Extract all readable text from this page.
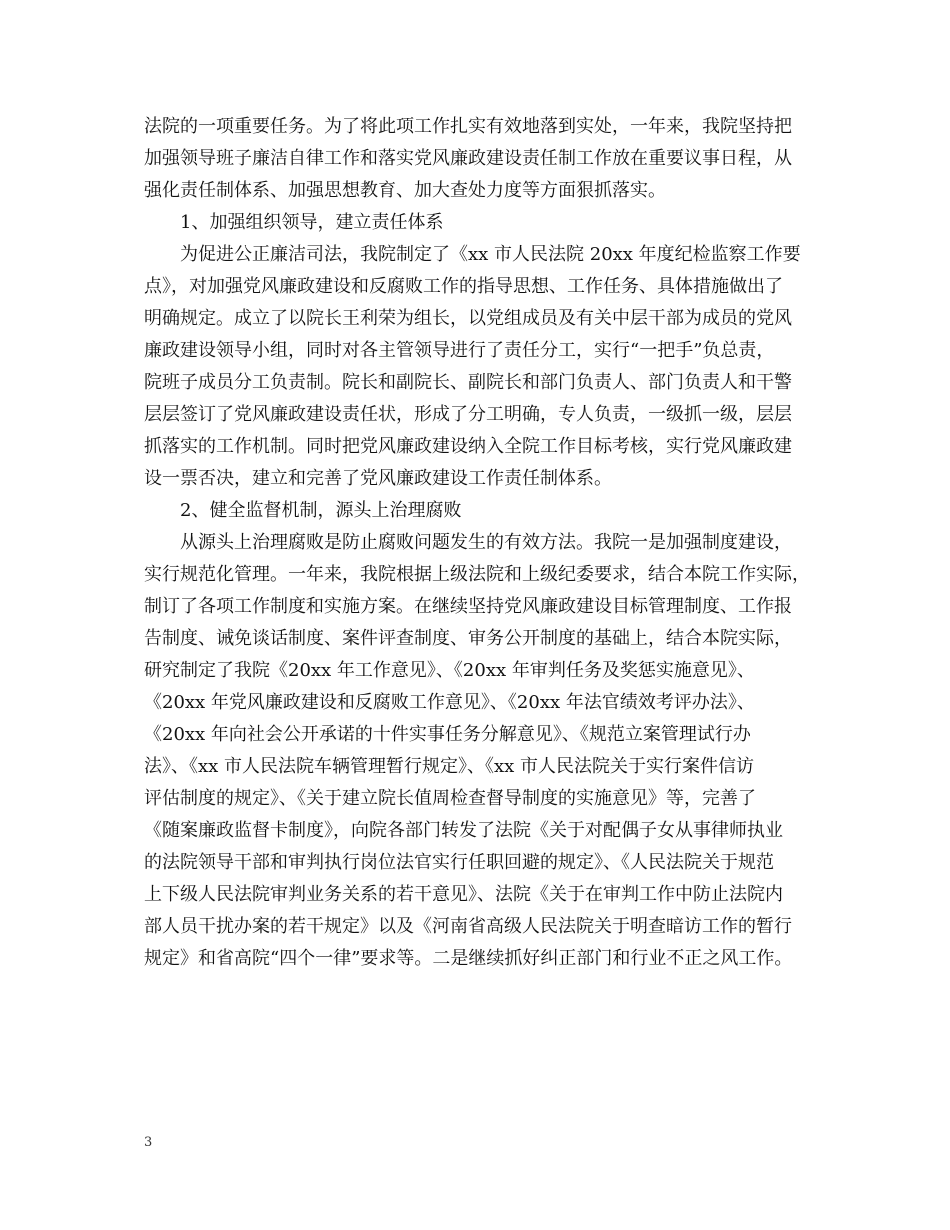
法院的一项重要任务。为了将此项工作扎实有效地落到实处，一年来，我院坚持把
加强领导班子廉洁自律工作和落实党风廉政建设责任制工作放在重要议事日程，从
强化责任制体系、加强思想教育、加大查处力度等方面狠抓落实。
1、加强组织领导，建立责任体系
为促进公正廉洁司法，我院制定了《xx 市人民法院 20xx 年度纪检监察工作要
点》，对加强党风廉政建设和反腐败工作的指导思想、工作任务、具体措施做出了
明确规定。成立了以院长王利荣为组长，以党组成员及有关中层干部为成员的党风
廉政建设领导小组，同时对各主管领导进行了责任分工，实行“一把手”负总责，
院班子成员分工负责制。院长和副院长、副院长和部门负责人、部门负责人和干警
层层签订了党风廉政建设责任状，形成了分工明确，专人负责，一级抓一级，层层
抓落实的工作机制。同时把党风廉政建设纳入全院工作目标考核，实行党风廉政建
设一票否决，建立和完善了党风廉政建设工作责任制体系。
2、健全监督机制，源头上治理腐败
从源头上治理腐败是防止腐败问题发生的有效方法。我院一是加强制度建设，
实行规范化管理。一年来，我院根据上级法院和上级纪委要求，结合本院工作实际，
制订了各项工作制度和实施方案。在继续坚持党风廉政建设目标管理制度、工作报
告制度、诫免谈话制度、案件评查制度、审务公开制度的基础上，结合本院实际，
研究制定了我院《20xx 年工作意见》、《20xx 年审判任务及奖惩实施意见》、
《20xx 年党风廉政建设和反腐败工作意见》、《20xx 年法官绩效考评办法》、
《20xx 年向社会公开承诺的十件实事任务分解意见》、《规范立案管理试行办
法》、《xx 市人民法院车辆管理暂行规定》、《xx 市人民法院关于实行案件信访
评估制度的规定》、《关于建立院长值周检查督导制度的实施意见》等，完善了
《随案廉政监督卡制度》，向院各部门转发了法院《关于对配偶子女从事律师执业
的法院领导干部和审判执行岗位法官实行任职回避的规定》、《人民法院关于规范
上下级人民法院审判业务关系的若干意见》、法院《关于在审判工作中防止法院内
部人员干扰办案的若干规定》以及《河南省高级人民法院关于明查暗访工作的暂行
规定》和省高院“四个一律”要求等。二是继续抓好纠正部门和行业不正之风工作。
3
